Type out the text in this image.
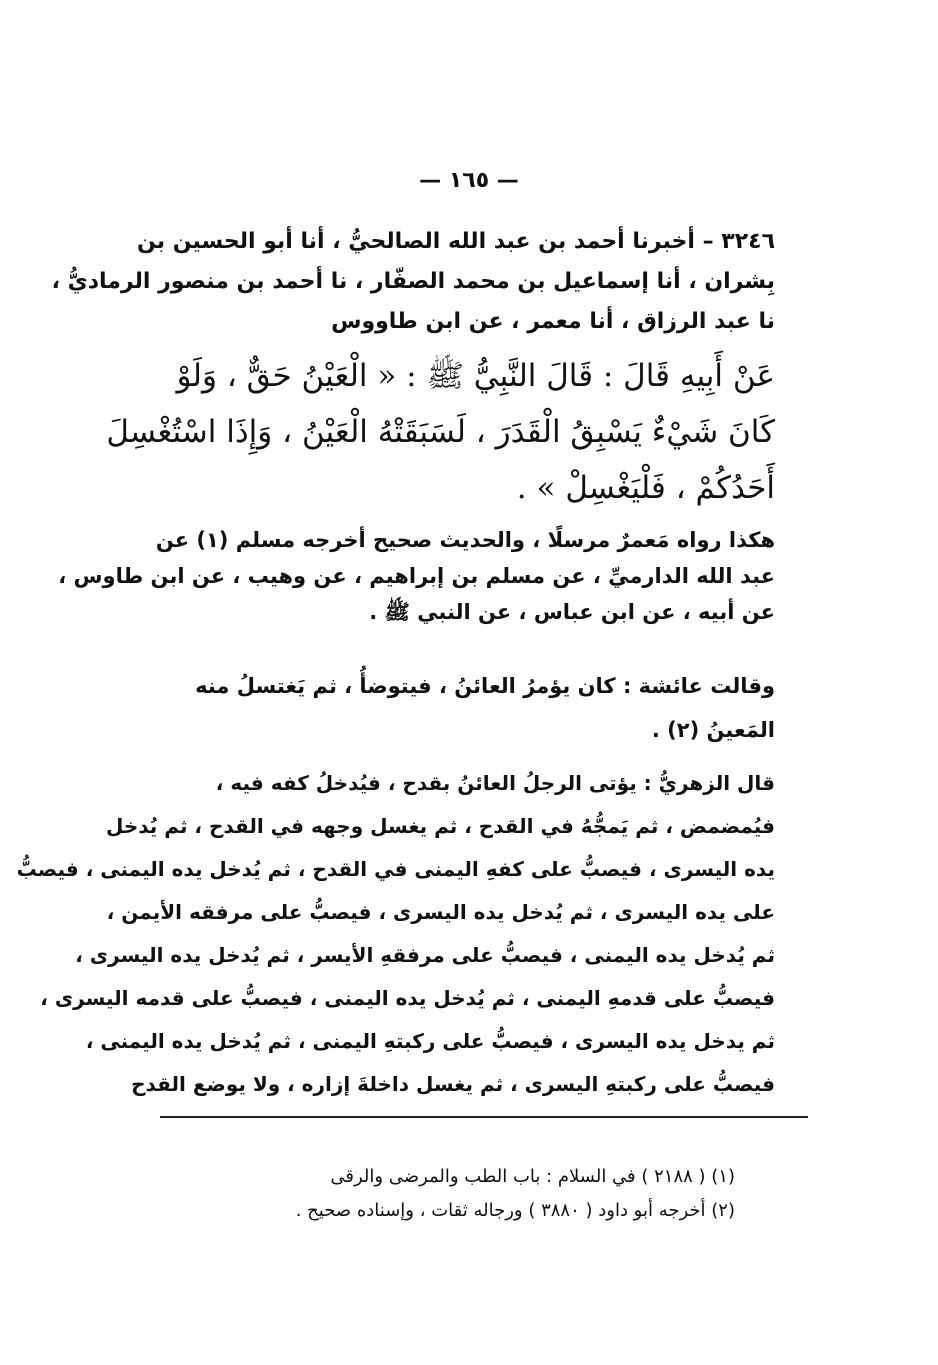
— ١٦٥ —
٣٢٤٦ – أخبرنا أحمد بن عبد الله الصالحيُّ ، أنا أبو الحسين بن
بِشران ، أنا إسماعيل بن محمد الصفّار ، نا أحمد بن منصور الرماديُّ ،
نا عبد الرزاق ، أنا معمر ، عن ابن طاووس
عَنْ أَبِيهِ قَالَ : قَالَ النَّبِيُّ ﷺ : « الْعَيْنُ حَقٌّ ، وَلَوْ
كَانَ شَيْءٌ يَسْبِقُ الْقَدَرَ ، لَسَبَقَتْهُ الْعَيْنُ ، وَإِذَا اسْتُغْسِلَ
أَحَدُكُمْ ، فَلْيَغْسِلْ » .
هكذا رواه مَعمرٌ مرسلًا ، والحديث صحيح أخرجه مسلم (١) عن
عبد الله الدارميِّ ، عن مسلم بن إبراهيم ، عن وهيب ، عن ابن طاوس ،
عن أبيه ، عن ابن عباس ، عن النبي ﷺ .
وقالت عائشة : كان يؤمرُ العائنُ ، فيتوضأُ ، ثم يَغتسلُ منه
المَعينُ (٢) .
قال الزهريُّ : يؤتى الرجلُ العائنُ بقدح ، فيُدخلُ كفه فيه ،
فيُمضمض ، ثم يَمجُّهُ في القدح ، ثم يغسل وجهه في القدح ، ثم يُدخل
يده اليسرى ، فيصبُّ على كفهِ اليمنى في القدح ، ثم يُدخل يده اليمنى ، فيصبُّ
على يده اليسرى ، ثم يُدخل يده اليسرى ، فيصبُّ على مرفقه الأيمن ،
ثم يُدخل يده اليمنى ، فيصبُّ على مرفقهِ الأيسر ، ثم يُدخل يده اليسرى ،
فيصبُّ على قدمهِ اليمنى ، ثم يُدخل يده اليمنى ، فيصبُّ على قدمه اليسرى ،
ثم يدخل يده اليسرى ، فيصبُّ على ركبتهِ اليمنى ، ثم يُدخل يده اليمنى ،
فيصبُّ على ركبتهِ اليسرى ، ثم يغسل داخلةَ إزاره ، ولا يوضع القدح
(١) ( ٢١٨٨ ) في السلام : باب الطب والمرضى والرقى
(٢) أخرجه أبو داود ( ٣٨٨٠ ) ورجاله ثقات ، وإسناده صحيح .
